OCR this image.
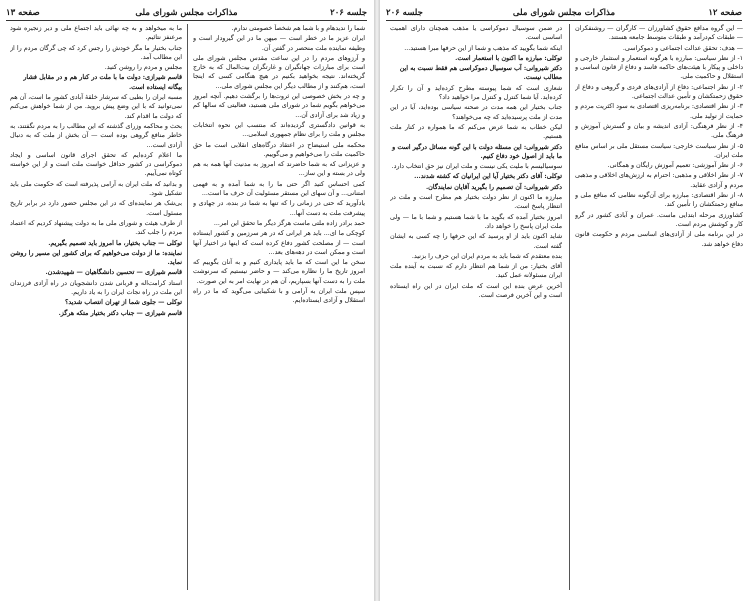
صفحه ۱۳	مذاکرات مجلس شورای ملی	جلسه ۲۰۶

شما را ندیدهام و با شما هم شخصاً خصومتی ندارم.

ایران عزیز ما در خطر است — میهن ما در این گیرودار است و وظیفه نماینده ملت منحصر در گفتن آن.

و آرزوهای مردم را در این ساعت مقدس مجلس شورای ملی است برای مبارزات جهانگیران و غارتگران بیت‌المال که به خارج گریخته‌اند. نتیجه بخواهید بکنیم در هیچ هنگامی کسی که اینجا است، هم‌کنند و از مطالب دیگر این مجلس شورای ملی...

و چه در بخش خصوصی این ثروت‌ها را برگشت دهیم. آنچه امروز می‌خواهم بگویم شما در شورای ملی هستید، فعالیتی که سالها کم و زیاد شد برای آزادی آن...

به قوانین دادگستری گردیده‌اند که منتسب این نحوه انتخابات مجلس و ملت را برای نظام جمهوری اسلامی...

محکمه ملی استیضاح در اعتقاد درگاه‌های انقلابی است ما حق حاکمیت ملت را می‌خواهیم و می‌گوییم.

و عزیزانی که به شما حاضرند که امروز به مدنیت آنها همه به هم ولی در بسته و این ساز...

کمی احساس کنید اگر حتی ما را به شما آمده و به فهمی امتنانی... و آن سهای این مستقر مسئولیت آن حرف ما است...

یادآورید که حتی در زمانی را که تنها به شما در بنده، در جهادی و پیشرفت ملت به دست آنها...

حمد برادر زاده ملتی ماست هرگز دیگر ما تحقق این امر...

کوچکی ما ای... باید هر ایرانی که در هر سرزمین و کشور ایستاده است — از مصلحت کشور دفاع کرده است که اینها در اختیار آنها است و ممکن است در دهه‌های بعد...

سخن ما این است که ما باید پایداری کنیم و به آنان بگوییم که امروز تاریخ ما را نظاره می‌کند — و حاضر نیستیم که سرنوشت ملت را به دست آنها بسپاریم، آن هم در نهایت امر به این صورت.

سپس ملت ایران به آرامی و با شکیبایی می‌گوید که ما در راه استقلال و آزادی ایستاده‌ایم.

ما به میخواهد و به چه نهائی باید اجتماع ملی و دیر زنجیره شود مرعنفز نتائیم.

جناب بختیار ما مگر خودش را رجس کرد که چی گرگان مردم را از این مطالب آمد.

مجلس و مردم را روشن کنید.

قاسم شیرازی: دولت ما با ملت در کنار هم و در مقابل فشار بیگانه ایستاده است.

مسبه ایران را بطیی که سرشار خلقهٔ آبادی کشور ما است، آن هم نمی‌توانید که با این وضع پیش بروید. من از شما خواهش می‌کنم که دولت ما اقدام کند.

بحث و محاکمه وزرای گذشته که این مطالب را به مردم نگفتند، به خاطر منافع گروهی بوده است — آن بخش از ملت که به دنبال آزادی است...

ما اعلام کرده‌ایم که تحقق اجرای قانون اساسی و ایجاد دموکراسی در کشور حداقل خواست ملت است و از این خواسته کوتاه نمی‌آییم.

و بدانید که ملت ایران به آرامی پذیرفته است که حکومت ملی باید تشکیل شود.

بی‌شک هر نماینده‌ای که در این مجلس حضور دارد در برابر تاریخ مسئول است.

از طرف هیئت و شورای ملی ما به دولت پیشنهاد کردیم که اعتماد مردم را جلب کند.

توکلی — جناب بختیار، ما امروز باید تصمیم بگیریم.

نماینده: ما از دولت می‌خواهیم که برای کشور این مسیر را روشن نماید.

قاسم شیرازی — تحسین دانشگاهیان — شهیدشدن.

استاد کرامت‌اله و قربانی شدن دانشجویان در راه آزادی فرزندان این ملت در راه نجات ایران را به یاد داریم.

توکلی — جلوی شما از تهران انتصاب شدید؟

قاسم شیرازی — جناب دکتر بختیار متکه هرگز.

صفحه ۱۲
مذاکرات مجلس شورای ملی
جلسه ۲۰۶

— این گروه مدافع حقوق کشاورزان — کارگران — روشنفکران — طبقات کم‌درآمد و طبقات متوسط جامعه هستند.

— هدف: تحقق عدالت اجتماعی و دموکراسی.

۱- از نظر سیاسی: مبارزه با هرگونه استعمار و استثمار خارجی و داخلی و پیکار با هیئت‌های حاکمه فاسد و دفاع از قانون اساسی و استقلال و حاکمیت ملی.

۲- از نظر اجتماعی: دفاع از آزادی‌های فردی و گروهی و دفاع از حقوق زحمتکشان و تأمین عدالت اجتماعی.

۳- از نظر اقتصادی: برنامه‌ریزی اقتصادی به سود اکثریت مردم و حمایت از تولید ملی.

۴- از نظر فرهنگی: آزادی اندیشه و بیان و گسترش آموزش و فرهنگ ملی.

۵- از نظر سیاست خارجی: سیاست مستقل ملی بر اساس منافع ملت ایران.

۶- از نظر آموزشی: تعمیم آموزش رایگان و همگانی.

۷- از نظر اخلاقی و مذهبی: احترام به ارزش‌های اخلاقی و مذهبی مردم و آزادی عقاید.

۸- از نظر اقتصادی: مبارزه برای آن‌گونه نظامی که منافع ملی و منافع زحمتکشان را تأمین کند.

کشاورزی مرحله ابتدایی ماست. عمران و آبادی کشور در گرو کار و کوشش مردم است.

در این برنامه ملی از آزادی‌های اساسی مردم و حکومت قانون دفاع خواهد شد.

در ضمن سوسیال دموکراسی یا مذهب همچنان دارای اهمیت اساسی است.

اینکه شما بگویید که مذهب و شما از این حرفها مبرا هستید...

توکلی: مبارزه ما اکنون با استعمار است.

دکتر شیروانی: آب سوسیال دموکراسی هم فقط نسبت به این مطالب نیست.

شعاری است که شما پیوسته مطرح کرده‌اید و آن را تکرار کرده‌اید. آیا شما کنترل و کنترل مرا خواهید داد؟

جناب بختیار این همه مدت در صحنه سیاسی بوده‌اید، آیا در این مدت از ملت پرسیده‌اید که چه می‌خواهند؟

لیکن خطاب به شما عرض می‌کنم که ما همواره در کنار ملت هستیم.

دکتر شیروانی: این مسئله دولت با این گونه مسائل درگیر است و ما باید از اصول خود دفاع کنیم.

سوسیالیسم با ملیت یکی نیست و ملت ایران نیز حق انتخاب دارد.

توکلی: آقای دکتر بختیار آیا این ایرانیان که کشته شدند...

دکتر شیروانی: آن تصمیم را بگیرید آقایان نمایندگان.

مبارزه ما اکنون از نظر دولت بختیار هم مطرح است و ملت در انتظار پاسخ است.

امروز بختیار آمده که بگوید ما با شما هستیم و شما با ما — ولی ملت ایران پاسخ را خواهد داد.

شاید اکنون باید از او پرسید که این حرفها را چه کسی به ایشان گفته است.

بنده معتقدم که شما باید به مردم ایران این حرف را بزنید.

آقای بختیار: من از شما هم انتظار دارم که نسبت به آینده ملت ایران مسئولانه عمل کنید.

آخرین عرض بنده این است که ملت ایران در این راه ایستاده است و این آخرین فرصت است.
